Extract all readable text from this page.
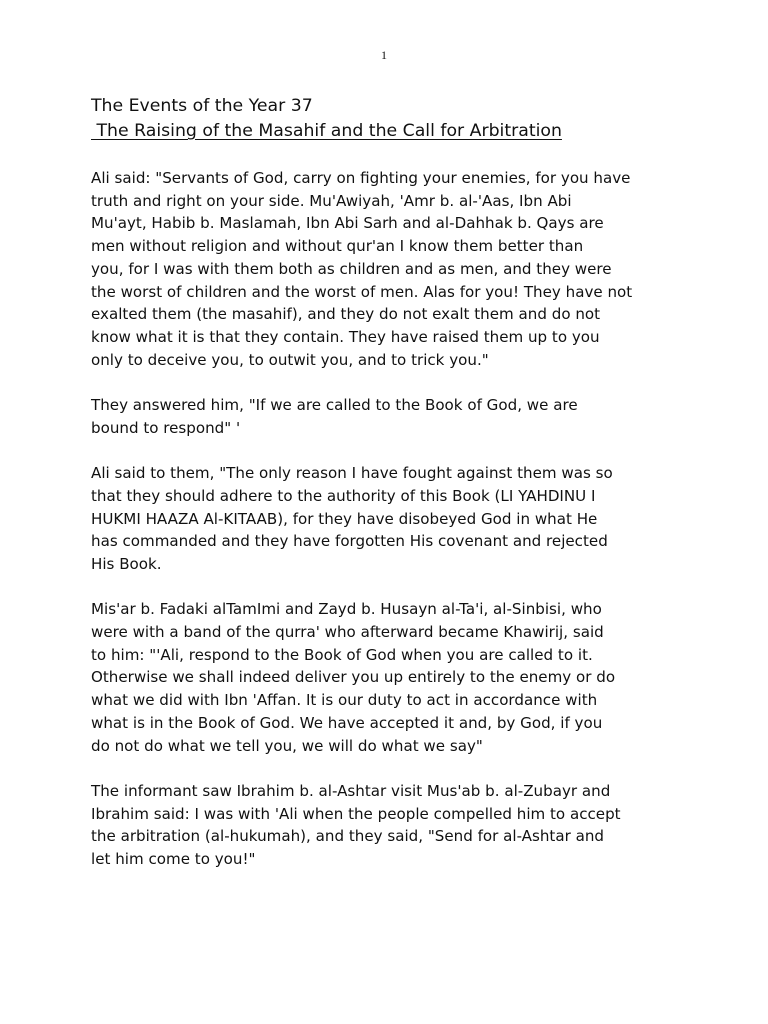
1
The Events of the Year 37
The Raising of the Masahif and the Call for Arbitration

Ali said: "Servants of God, carry on fighting your enemies, for you have
truth and right on your side. Mu'Awiyah, 'Amr b. al-'Aas, Ibn Abi
Mu'ayt, Habib b. Maslamah, Ibn Abi Sarh and al-Dahhak b. Qays are
men without religion and without qur'an I know them better than
you, for I was with them both as children and as men, and they were
the worst of children and the worst of men. Alas for you! They have not
exalted them (the masahif), and they do not exalt them and do not
know what it is that they contain. They have raised them up to you
only to deceive you, to outwit you, and to trick you."

They answered him, "If we are called to the Book of God, we are
bound to respond" '

Ali said to them, "The only reason I have fought against them was so
that they should adhere to the authority of this Book (LI YAHDINU I
HUKMI HAAZA Al-KITAAB), for they have disobeyed God in what He
has commanded and they have forgotten His covenant and rejected
His Book.

Mis'ar b. Fadaki alTamImi and Zayd b. Husayn al-Ta'i, al-Sinbisi, who
were with a band of the qurra' who afterward became Khawirij, said
to him: "'Ali, respond to the Book of God when you are called to it.
Otherwise we shall indeed deliver you up entirely to the enemy or do
what we did with Ibn 'Affan. It is our duty to act in accordance with
what is in the Book of God. We have accepted it and, by God, if you
do not do what we tell you, we will do what we say"

The informant saw Ibrahim b. al-Ashtar visit Mus'ab b. al-Zubayr and
Ibrahim said: I was with 'Ali when the people compelled him to accept
the arbitration (al-hukumah), and they said, "Send for al-Ashtar and
let him come to you!"
